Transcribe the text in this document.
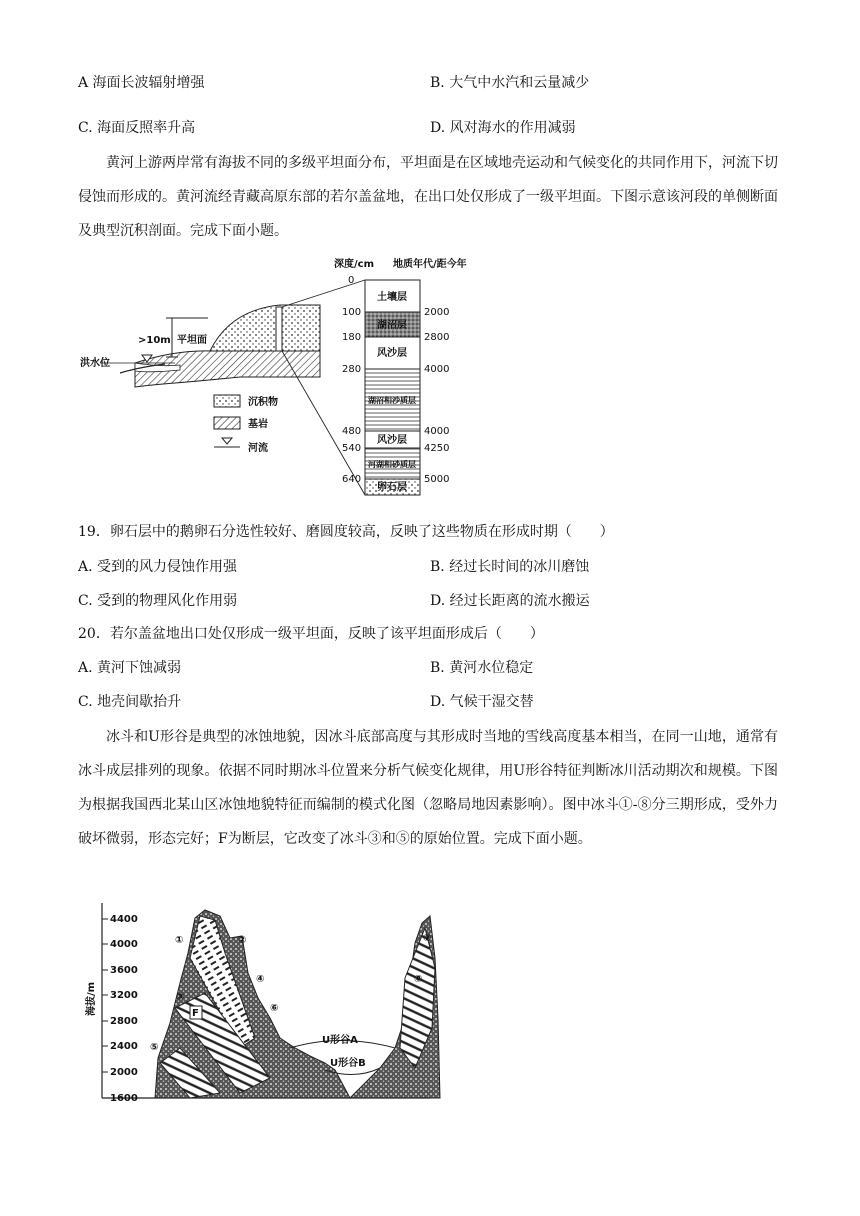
A 海面长波辐射增强	B. 大气中水汽和云量减少
C. 海面反照率升高	D. 风对海水的作用减弱
黄河上游两岸常有海拔不同的多级平坦面分布，平坦面是在区域地壳运动和气候变化的共同作用下，河流下切侵蚀而形成的。黄河流经青藏高原东部的若尔盖盆地，在出口处仅形成了一级平坦面。下图示意该河段的单侧断面及典型沉积剖面。完成下面小题。
>10m 平坦面
洪水位
土壤层
湖沼层
风沙层
湖沼相沙质层
风沙层
河湖相砂质层
卵石层
深度/cm 地质年代/距今年
0
100
180
280
480
540
640
2000
2800
4000
4000
4250
5000
沉积物
基岩
河流
19．卵石层中的鹅卵石分选性较好、磨圆度较高，反映了这些物质在形成时期（　　）
A. 受到的风力侵蚀作用强	B. 经过长时间的冰川磨蚀
C. 受到的物理风化作用弱	D. 经过长距离的流水搬运
20．若尔盖盆地出口处仅形成一级平坦面，反映了该平坦面形成后（　　）
A. 黄河下蚀减弱	B. 黄河水位稳定
C. 地壳间歇抬升	D. 气候干湿交替
冰斗和U形谷是典型的冰蚀地貌，因冰斗底部高度与其形成时当地的雪线高度基本相当，在同一山地，通常有冰斗成层排列的现象。依据不同时期冰斗位置来分析气候变化规律，用U形谷特征判断冰川活动期次和规模。下图为根据我国西北某山区冰蚀地貌特征而编制的模式化图（忽略局地因素影响）。图中冰斗①-⑧分三期形成，受外力破坏微弱，形态完好；F为断层，它改变了冰斗③和⑤的原始位置。完成下面小题。
4400
4000
3600
3200
2800
2400
2000
1600
海拔/m
①	②
③
④
⑤
⑥
⑦
⑧
F
U形谷A
U形谷B
